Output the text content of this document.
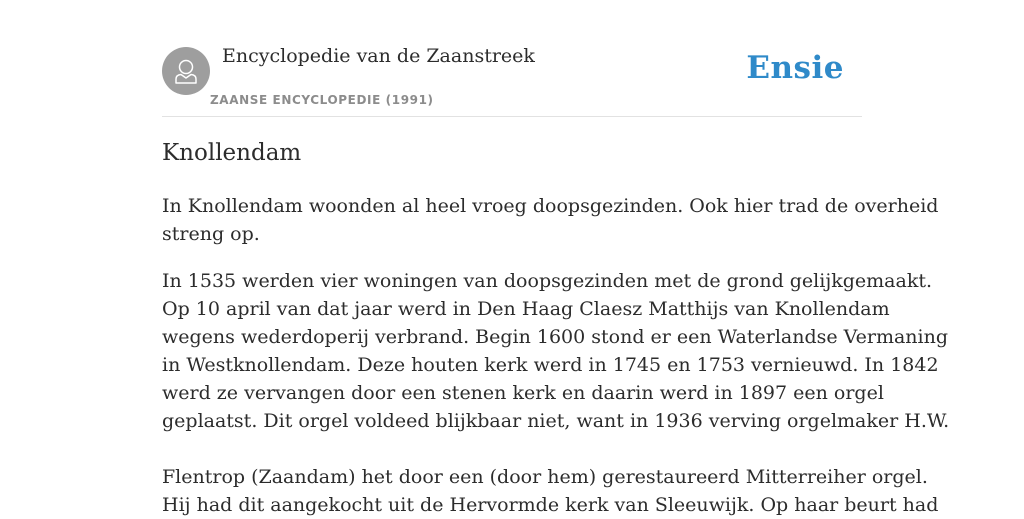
Encyclopedie van de Zaanstreek
ZAANSE ENCYCLOPEDIE (1991)
Ensie
Knollendam

In Knollendam woonden al heel vroeg doopsgezinden. Ook hier trad de overheid
streng op.

In 1535 werden vier woningen van doopsgezinden met de grond gelijkgemaakt.
Op 10 april van dat jaar werd in Den Haag Claesz Matthijs van Knollendam
wegens wederdoperij verbrand. Begin 1600 stond er een Waterlandse Vermaning
in Westknollendam. Deze houten kerk werd in 1745 en 1753 vernieuwd. In 1842
werd ze vervangen door een stenen kerk en daarin werd in 1897 een orgel
geplaatst. Dit orgel voldeed blijkbaar niet, want in 1936 verving orgelmaker H.W.

Flentrop (Zaandam) het door een (door hem) gerestaureerd Mitterreiher orgel.
Hij had dit aangekocht uit de Hervormde kerk van Sleeuwijk. Op haar beurt had
